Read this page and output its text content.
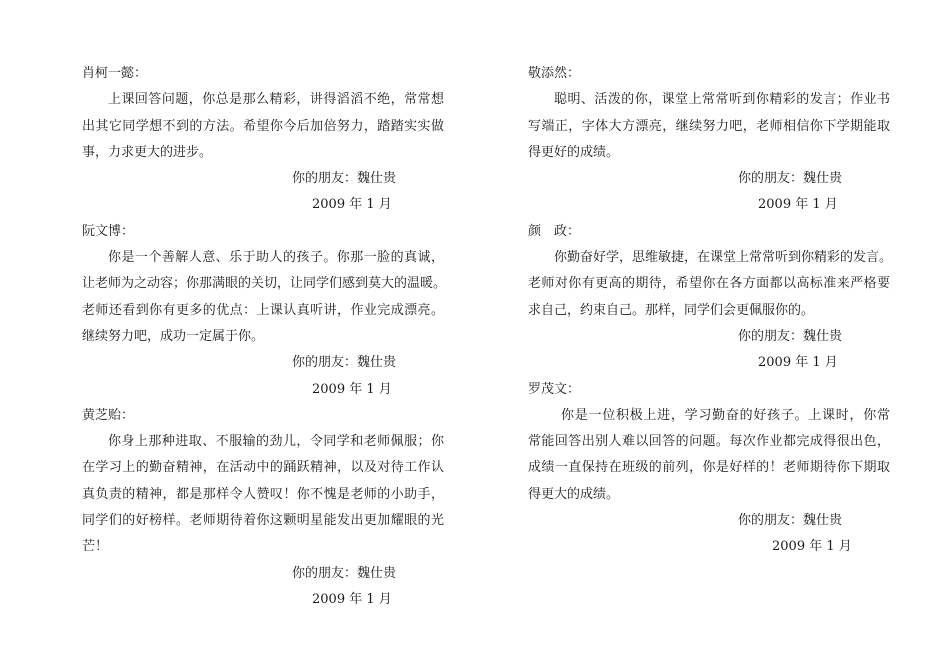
肖柯一懿：
上课回答问题，你总是那么精彩，讲得滔滔不绝，常常想
出其它同学想不到的方法。希望你今后加倍努力，踏踏实实做
事，力求更大的进步。
你的朋友：魏仕贵
2009 年 1 月
阮文博：
你是一个善解人意、乐于助人的孩子。你那一脸的真诚，
让老师为之动容；你那满眼的关切，让同学们感到莫大的温暖。
老师还看到你有更多的优点：上课认真听讲，作业完成漂亮。
继续努力吧，成功一定属于你。
你的朋友：魏仕贵
2009 年 1 月
黄芝贻：
你身上那种进取、不服输的劲儿，令同学和老师佩服；你
在学习上的勤奋精神，在活动中的踊跃精神，以及对待工作认
真负责的精神，都是那样令人赞叹！你不愧是老师的小助手，
同学们的好榜样。老师期待着你这颗明星能发出更加耀眼的光
芒！
你的朋友：魏仕贵
2009 年 1 月
敬添然：
聪明、活泼的你，课堂上常常听到你精彩的发言；作业书
写端正，字体大方漂亮，继续努力吧，老师相信你下学期能取
得更好的成绩。
你的朋友：魏仕贵
2009 年 1 月
颜　政：
你勤奋好学，思维敏捷，在课堂上常常听到你精彩的发言。
老师对你有更高的期待，希望你在各方面都以高标准来严格要
求自己，约束自己。那样，同学们会更佩服你的。
你的朋友：魏仕贵
2009 年 1 月
罗茂文：
你是一位积极上进，学习勤奋的好孩子。上课时，你常
常能回答出别人难以回答的问题。每次作业都完成得很出色，
成绩一直保持在班级的前列，你是好样的！老师期待你下期取
得更大的成绩。
你的朋友：魏仕贵
2009 年 1 月
